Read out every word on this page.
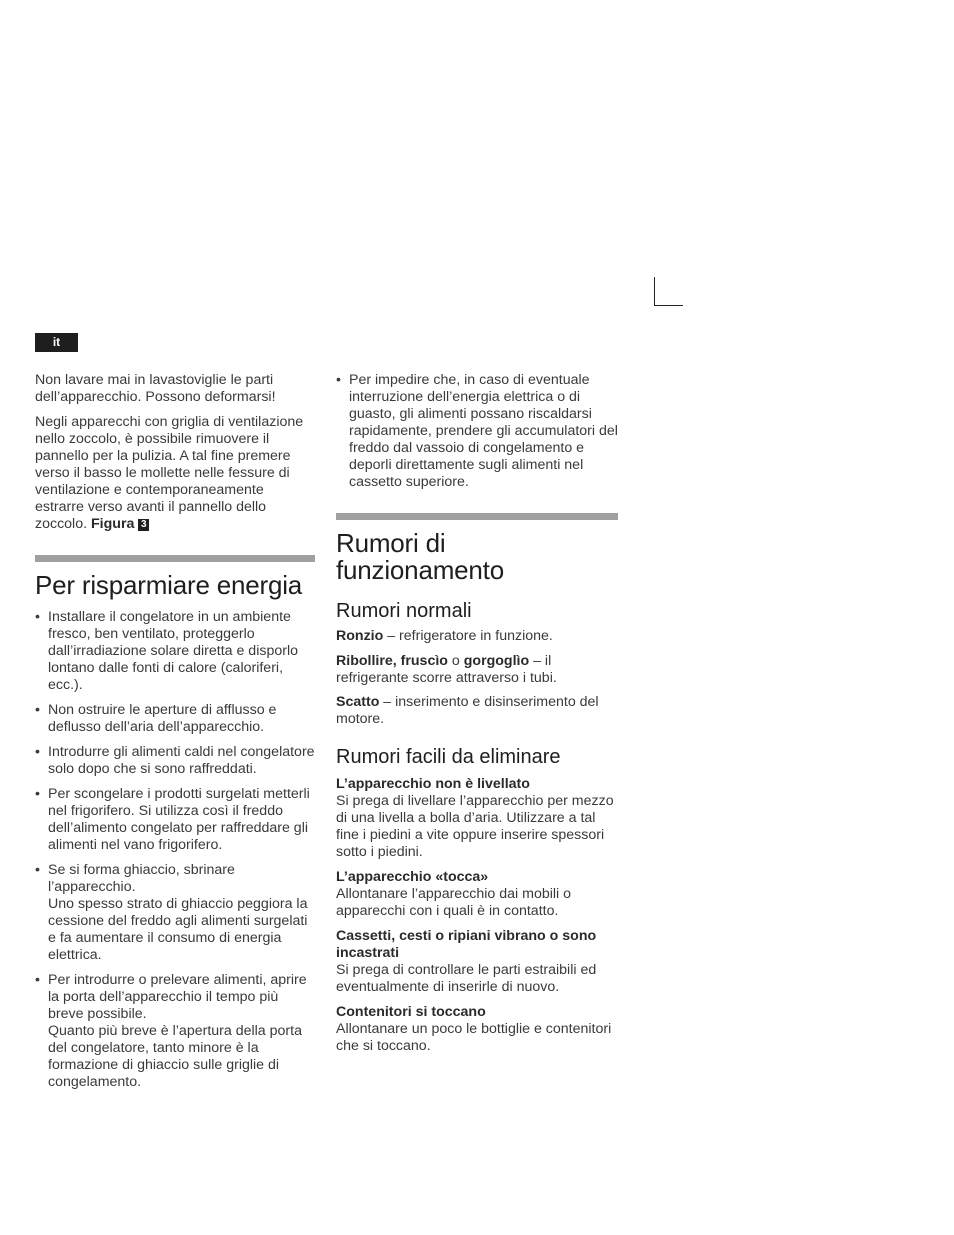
it

Non lavare mai in lavastoviglie le parti dell’apparecchio. Possono deformarsi!

Negli apparecchi con griglia di ventilazione nello zoccolo, è possibile rimuovere il pannello per la pulizia. A tal fine premere verso il basso le mollette nelle fessure di ventilazione e contemporaneamente estrarre verso avanti il pannello dello zoccolo. Figura 3

Per risparmiare energia
• Installare il congelatore in un ambiente fresco, ben ventilato, proteggerlo dall’irradiazione solare diretta e disporlo lontano dalle fonti di calore (caloriferi, ecc.).
• Non ostruire le aperture di afflusso e deflusso dell’aria dell’apparecchio.
• Introdurre gli alimenti caldi nel congelatore solo dopo che si sono raffreddati.
• Per scongelare i prodotti surgelati metterli nel frigorifero. Si utilizza così il freddo dell’alimento congelato per raffreddare gli alimenti nel vano frigorifero.
• Se si forma ghiaccio, sbrinare l’apparecchio.
Uno spesso strato di ghiaccio peggiora la cessione del freddo agli alimenti surgelati e fa aumentare il consumo di energia elettrica.
• Per introdurre o prelevare alimenti, aprire la porta dell’apparecchio il tempo più breve possibile.
Quanto più breve è l’apertura della porta del congelatore, tanto minore è la formazione di ghiaccio sulle griglie di congelamento.
• Per impedire che, in caso di eventuale interruzione dell’energia elettrica o di guasto, gli alimenti possano riscaldarsi rapidamente, prendere gli accumulatori del freddo dal vassoio di congelamento e deporli direttamente sugli alimenti nel cassetto superiore.
Rumori di funzionamento
Rumori normali

Ronzio – refrigeratore in funzione.

Ribollire, fruscìo o gorgoglìo – il refrigerante scorre attraverso i tubi.

Scatto – inserimento e disinserimento del motore.

Rumori facili da eliminare
L’apparecchio non è livellato
Si prega di livellare l’apparecchio per mezzo di una livella a bolla d’aria. Utilizzare a tal fine i piedini a vite oppure inserire spessori sotto i piedini.
L’apparecchio «tocca»
Allontanare l’apparecchio dai mobili o apparecchi con i quali è in contatto.
Cassetti, cesti o ripiani vibrano o sono incastrati
Si prega di controllare le parti estraibili ed eventualmente di inserirle di nuovo.
Contenitori si toccano
Allontanare un poco le bottiglie e contenitori che si toccano.
